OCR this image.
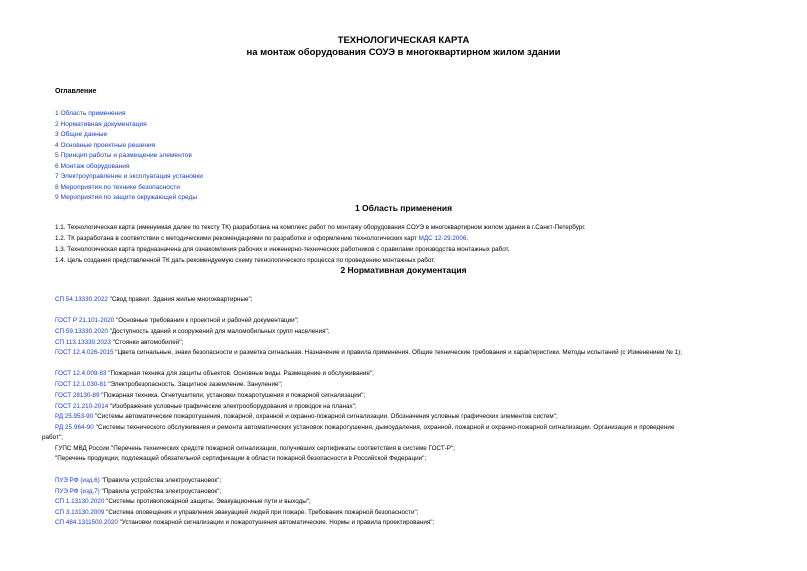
ТЕХНОЛОГИЧЕСКАЯ КАРТА
на монтаж оборудования СОУЭ в многоквартирном жилом здании
Оглавление
1 Область применения
2 Нормативная документация
3 Общие данные
4 Основные проектные решения
5 Принцип работы и размещение элементов
6 Монтаж оборудования
7 Электроуправление и эксплуатация установки
8 Мероприятия по технике безопасности
9 Мероприятия по защите окружающей среды
1 Область применения
1.1. Технологическая карта (именуемая далее по тексту ТК) разработана на комплекс работ по монтажу оборудования СОУЭ в многоквартирном жилом здании в г.Санкт-Петербург.
1.2. ТК разработана в соответствии с методическими рекомендациями по разработке и оформлению технологических карт МДС 12-29.2006.
1.3. Технологическая карта предназначена для ознакомления рабочих и инженерно-технических работников с правилами производства монтажных работ.
1.4. Цель создания представленной ТК дать рекомендуемую схему технологического процесса по проведению монтажных работ.
2 Нормативная документация
СП 54.13330.2022 "Свод правил. Здания жилые многоквартирные";
ГОСТ Р 21.101-2020 "Основные требования к проектной и рабочей документации";
СП 59.13330.2020 "Доступность зданий и сооружений для маломобильных групп населения";
СП 113.13330.2023 "Стоянки автомобилей";
ГОСТ 12.4.026-2015 "Цвета сигнальные, знаки безопасности и разметка сигнальная. Назначение и правила применения. Общие технические требования и характеристики. Методы испытаний (с Изменением № 1);
ГОСТ 12.4.009-83 "Пожарная техника для защиты объектов. Основные виды. Размещение и обслуживание";
ГОСТ 12.1.030-81 "Электробезопасность. Защитное заземление. Зануление";
ГОСТ 28130-89 "Пожарная техника. Огнетушители, установки пожаротушения и пожарной сигнализации";
ГОСТ 21.210-2014 "Изображения условные графические электрооборудования и проводок на планах";
РД 25.953-90 "Системы автоматические пожаротушения, пожарной, охранной и охранно-пожарной сигнализации. Обозначения условные графических элементов систем";
РД 25.964-90 "Системы технического обслуживания и ремонта автоматических установок пожаротушения, дымоудаления, охранной, пожарной и охранно-пожарной сигнализации. Организация и проведение
работ";
ГУПС МВД России "Перечень технических средств пожарной сигнализации, получивших сертификаты соответствия в системе ГОСТ-Р";
"Перечень продукции, подлежащей обязательной сертификации в области пожарной безопасности в Российской Федерации";
ПУЭ РФ (изд.6) "Правила устройства электроустановок";
ПУЭ РФ (изд.7) "Правила устройства электроустановок";
СП 1.13130.2020 "Системы противопожарной защиты. Эвакуационные пути и выходы";
СП 3.13130.2009 "Система оповещения и управления эвакуацией людей при пожаре. Требования пожарной безопасности";
СП 484.1311500.2020 "Установки пожарной сигнализации и пожаротушения автоматические. Нормы и правила проектирования";
